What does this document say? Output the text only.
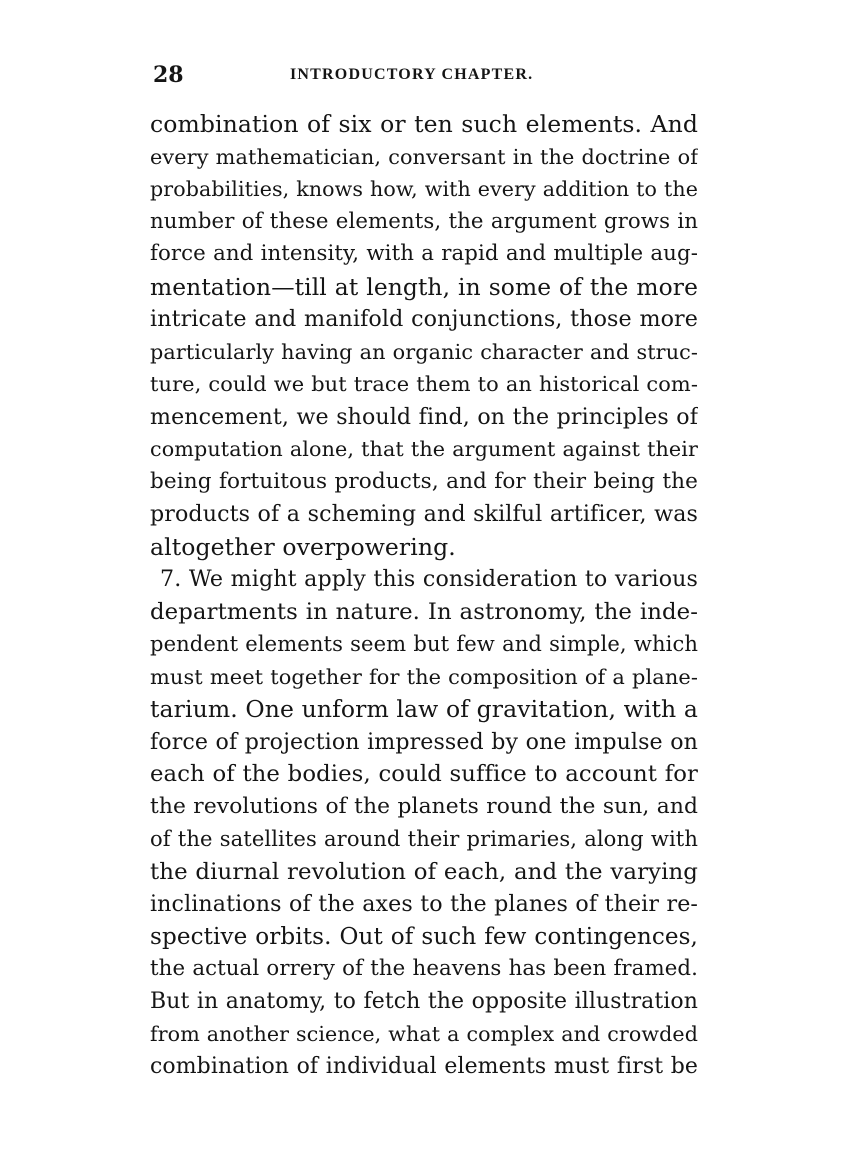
28	INTRODUCTORY CHAPTER.
combination of six or ten such elements. And
every mathematician, conversant in the doctrine of
probabilities, knows how, with every addition to the
number of these elements, the argument grows in
force and intensity, with a rapid and multiple aug-
mentation—till at length, in some of the more
intricate and manifold conjunctions, those more
particularly having an organic character and struc-
ture, could we but trace them to an historical com-
mencement, we should find, on the principles of
computation alone, that the argument against their
being fortuitous products, and for their being the
products of a scheming and skilful artificer, was
altogether overpowering.
7. We might apply this consideration to various
departments in nature. In astronomy, the inde-
pendent elements seem but few and simple, which
must meet together for the composition of a plane-
tarium. One unform law of gravitation, with a
force of projection impressed by one impulse on
each of the bodies, could suffice to account for
the revolutions of the planets round the sun, and
of the satellites around their primaries, along with
the diurnal revolution of each, and the varying
inclinations of the axes to the planes of their re-
spective orbits. Out of such few contingences,
the actual orrery of the heavens has been framed.
But in anatomy, to fetch the opposite illustration
from another science, what a complex and crowded
combination of individual elements must first be
